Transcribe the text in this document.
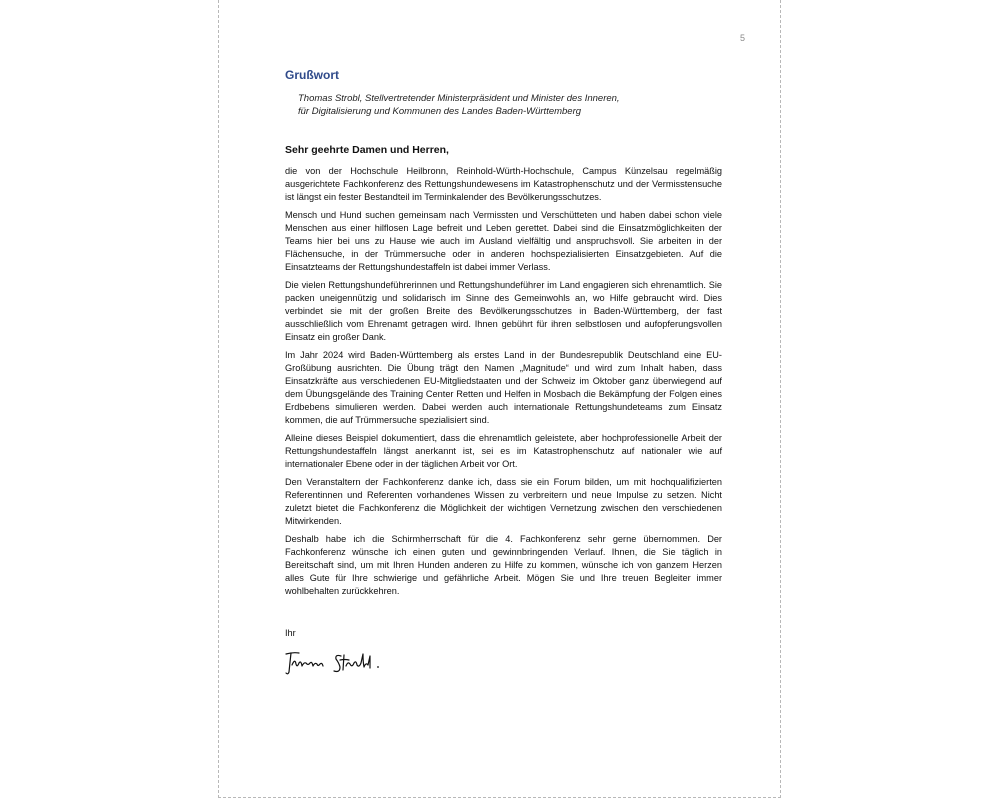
5
Grußwort
Thomas Strobl, Stellvertretender Ministerpräsident und Minister des Inneren,
für Digitalisierung und Kommunen des Landes Baden-Württemberg
Sehr geehrte Damen und Herren,

die von der Hochschule Heilbronn, Reinhold-Würth-Hochschule, Campus Künzelsau regelmäßig ausgerichtete Fachkonferenz des Rettungshundewesens im Katastrophenschutz und der Vermisstensuche ist längst ein fester Bestandteil im Terminkalender des Bevölkerungsschutzes.

Mensch und Hund suchen gemeinsam nach Vermissten und Verschütteten und haben dabei schon viele Menschen aus einer hilflosen Lage befreit und Leben gerettet. Dabei sind die Einsatzmöglichkeiten der Teams hier bei uns zu Hause wie auch im Ausland vielfältig und anspruchsvoll. Sie arbeiten in der Flächensuche, in der Trümmersuche oder in anderen hochspezialisierten Einsatzgebieten. Auf die Einsatzteams der Rettungshundestaffeln ist dabei immer Verlass.

Die vielen Rettungshundeführerinnen und Rettungshundeführer im Land engagieren sich ehrenamtlich. Sie packen uneigennützig und solidarisch im Sinne des Gemeinwohls an, wo Hilfe gebraucht wird. Dies verbindet sie mit der großen Breite des Bevölkerungsschutzes in Baden-Württemberg, der fast ausschließlich vom Ehrenamt getragen wird. Ihnen gebührt für ihren selbstlosen und aufopferungsvollen Einsatz ein großer Dank.

Im Jahr 2024 wird Baden-Württemberg als erstes Land in der Bundesrepublik Deutschland eine EU-Großübung ausrichten. Die Übung trägt den Namen „Magnitude“ und wird zum Inhalt haben, dass Einsatzkräfte aus verschiedenen EU-Mitgliedstaaten und der Schweiz im Oktober ganz überwiegend auf dem Übungsgelände des Training Center Retten und Helfen in Mosbach die Bekämpfung der Folgen eines Erdbebens simulieren werden. Dabei werden auch internationale Rettungshundeteams zum Einsatz kommen, die auf Trümmersuche spezialisiert sind.

Alleine dieses Beispiel dokumentiert, dass die ehrenamtlich geleistete, aber hochprofessionelle Arbeit der Rettungshundestaffeln längst anerkannt ist, sei es im Katastrophenschutz auf nationaler wie auf internationaler Ebene oder in der täglichen Arbeit vor Ort.

Den Veranstaltern der Fachkonferenz danke ich, dass sie ein Forum bilden, um mit hochqualifizierten Referentinnen und Referenten vorhandenes Wissen zu verbreitern und neue Impulse zu setzen. Nicht zuletzt bietet die Fachkonferenz die Möglichkeit der wichtigen Vernetzung zwischen den verschiedenen Mitwirkenden.

Deshalb habe ich die Schirmherrschaft für die 4. Fachkonferenz sehr gerne übernommen. Der Fachkonferenz wünsche ich einen guten und gewinnbringenden Verlauf. Ihnen, die Sie täglich in Bereitschaft sind, um mit Ihren Hunden anderen zu Hilfe zu kommen, wünsche ich von ganzem Herzen alles Gute für Ihre schwierige und gefährliche Arbeit. Mögen Sie und Ihre treuen Begleiter immer wohlbehalten zurückkehren.

Ihr
